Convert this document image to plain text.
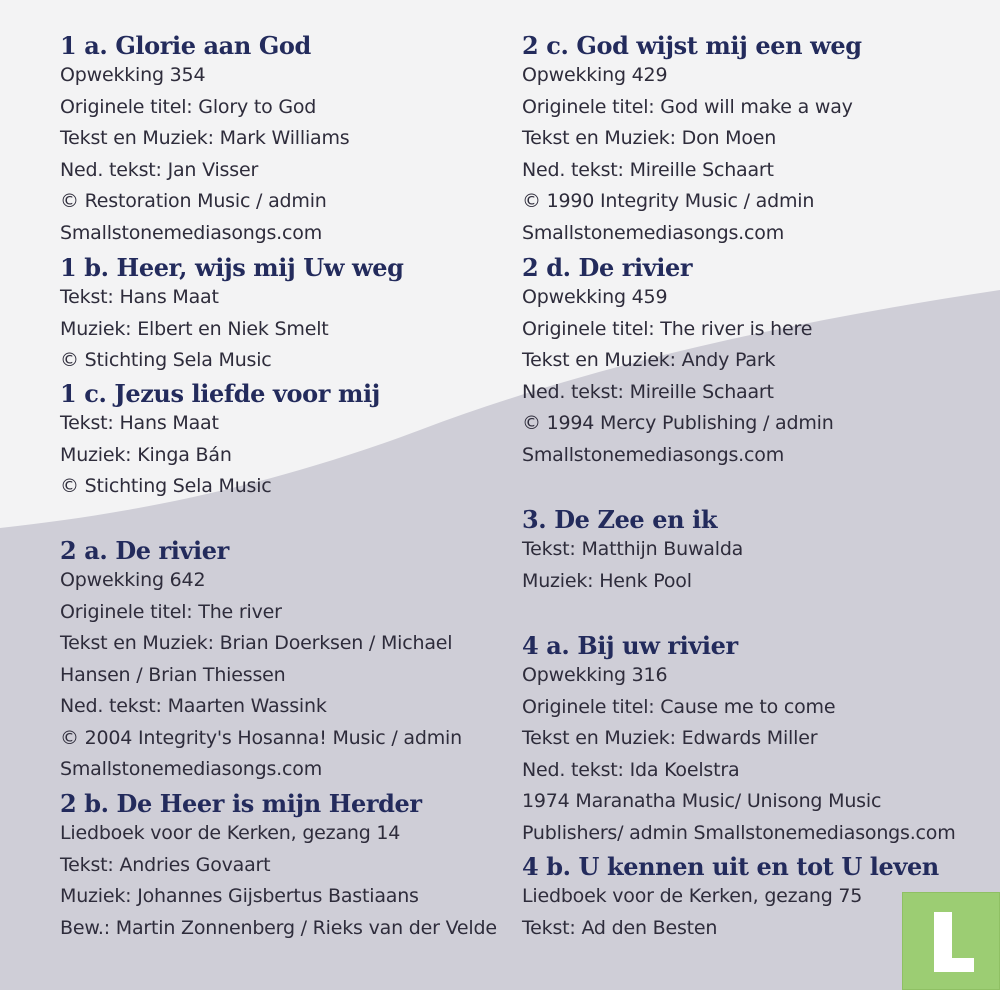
1 a. Glorie aan God
Opwekking 354
Originele titel: Glory to God
Tekst en Muziek: Mark Williams
Ned. tekst: Jan Visser
© Restoration Music / admin
Smallstonemediasongs.com
1 b. Heer, wijs mij Uw weg
Tekst: Hans Maat
Muziek: Elbert en Niek Smelt
© Stichting Sela Music
1 c. Jezus liefde voor mij
Tekst: Hans Maat
Muziek: Kinga Bán
© Stichting Sela Music
2 a. De rivier
Opwekking 642
Originele titel: The river
Tekst en Muziek: Brian Doerksen / Michael
Hansen / Brian Thiessen
Ned. tekst: Maarten Wassink
© 2004 Integrity's Hosanna! Music / admin
Smallstonemediasongs.com
2 b. De Heer is mijn Herder
Liedboek voor de Kerken, gezang 14
Tekst: Andries Govaart
Muziek: Johannes Gijsbertus Bastiaans
Bew.: Martin Zonnenberg / Rieks van der Velde
2 c. God wijst mij een weg
Opwekking 429
Originele titel: God will make a way
Tekst en Muziek: Don Moen
Ned. tekst: Mireille Schaart
© 1990 Integrity Music / admin
Smallstonemediasongs.com
2 d. De rivier
Opwekking 459
Originele titel: The river is here
Tekst en Muziek: Andy Park
Ned. tekst: Mireille Schaart
© 1994 Mercy Publishing / admin
Smallstonemediasongs.com
3. De Zee en ik
Tekst: Matthijn Buwalda
Muziek: Henk Pool
4 a. Bij uw rivier
Opwekking 316
Originele titel: Cause me to come
Tekst en Muziek: Edwards Miller
Ned. tekst: Ida Koelstra
1974 Maranatha Music/ Unisong Music
Publishers/ admin Smallstonemediasongs.com
4 b. U kennen uit en tot U leven
Liedboek voor de Kerken, gezang 75
Tekst: Ad den Besten
